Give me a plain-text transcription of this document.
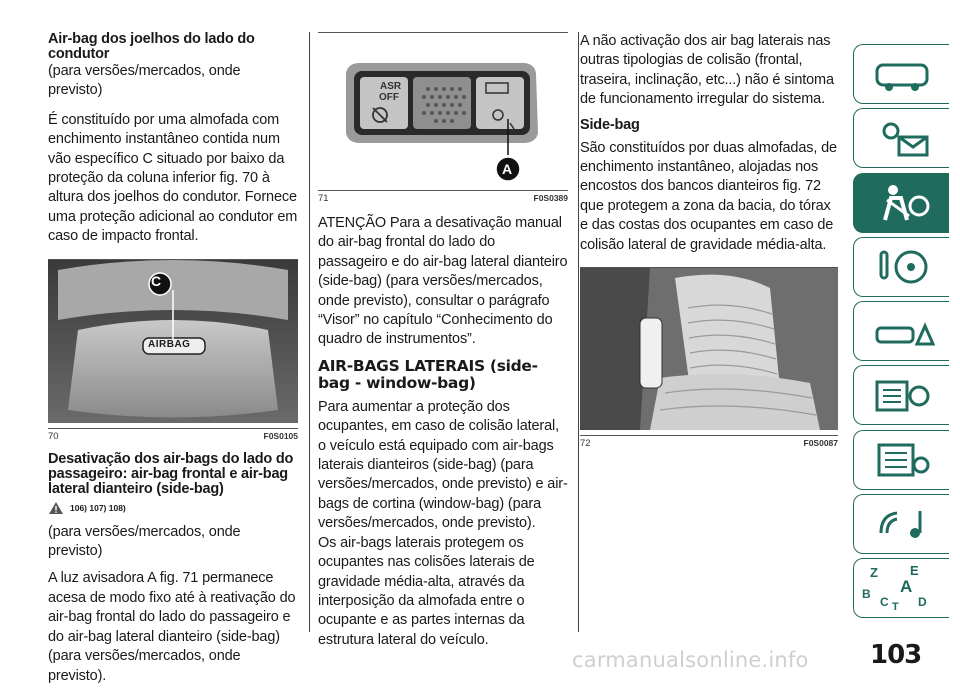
Air-bag dos joelhos do lado do condutor

(para versões/mercados, onde previsto)

É constituído por uma almofada com enchimento instantâneo contida num vão específico C situado por baixo da proteção da coluna inferior fig. 70 à altura dos joelhos do condutor. Fornece uma proteção adicional ao condutor em caso de impacto frontal.

C
AIRBAG
70	F0S0105
Desativação dos air-bags do lado do passageiro: air-bag frontal e air-bag lateral dianteiro (side-bag)
106) 107) 108)

(para versões/mercados, onde previsto)

A luz avisadora A fig. 71 permanece acesa de modo fixo até à reativação do air-bag frontal do lado do passageiro e do air-bag lateral dianteiro (side-bag) (para versões/mercados, onde previsto).

ASR
OFF
A
71	F0S0389

ATENÇÃO Para a desativação manual do air-bag frontal do lado do passageiro e do air-bag lateral dianteiro (side-bag) (para versões/mercados, onde previsto), consultar o parágrafo “Visor” no capítulo “Conhecimento do quadro de instrumentos”.

AIR-BAGS LATERAIS (side-bag - window-bag)

Para aumentar a proteção dos ocupantes, em caso de colisão lateral, o veículo está equipado com air-bags laterais dianteiros (side-bag) (para versões/mercados, onde previsto) e air-bags de cortina (window-bag) (para versões/mercados, onde previsto).

Os air-bags laterais protegem os ocupantes nas colisões laterais de gravidade média-alta, através da interposição da almofada entre o ocupante e as partes internas da estrutura lateral do veículo.

A não activação dos air bag laterais nas outras tipologias de colisão (frontal, traseira, inclinação, etc...) não é sintoma de funcionamento irregular do sistema.

Side-bag

São constituídos por duas almofadas, de enchimento instantâneo, alojadas nos encostos dos bancos dianteiros fig. 72 que protegem a zona da bacia, do tórax e das costas dos ocupantes em caso de colisão lateral de gravidade média-alta.

72	F0S0087
Z E
A
B
C T D
carmanualsonline.info 103
